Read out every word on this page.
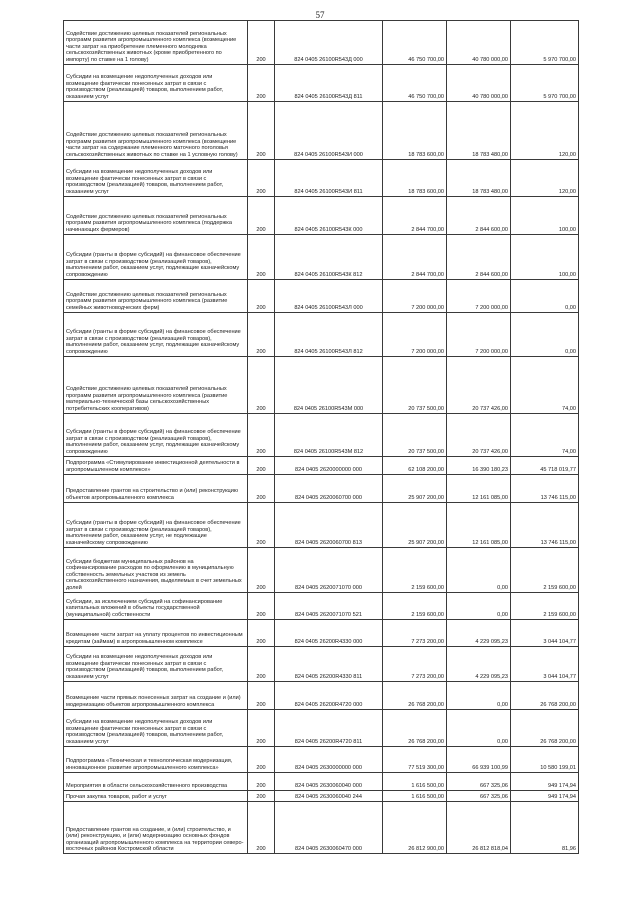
57
Содействие достижению целевых показателей региональных программ развития агропромышленного комплекса (возмещение части затрат на приобретение племенного молодняка сельскохозяйственных животных (кроме приобретенного по импорту) по ставке на 1 голову)	200	824 0405 26100R543Д 000	46 750 700,00	40 780 000,00	5 970 700,00
Субсидии на возмещение недополученных доходов или возмещение фактически понесенных затрат в связи с производством (реализацией) товаров, выполнением работ, оказанием услуг	200	824 0405 26100R543Д 811	46 750 700,00	40 780 000,00	5 970 700,00
Содействие достижению целевых показателей региональных программ развития агропромышленного комплекса (возмещение части затрат на содержание племенного маточного поголовья сельскохозяйственных животных по ставке на 1 условную голову)	200	824 0405 26100R543И 000	18 783 600,00	18 783 480,00	120,00
Субсидии на возмещение недополученных доходов или возмещение фактически понесенных затрат в связи с производством (реализацией) товаров, выполнением работ, оказанием услуг	200	824 0405 26100R543И 811	18 783 600,00	18 783 480,00	120,00
Содействие достижению целевых показателей региональных программ развития агропромышленного комплекса (поддержка начинающих фермеров)	200	824 0405 26100R543К 000	2 844 700,00	2 844 600,00	100,00
Субсидии (гранты в форме субсидий) на финансовое обеспечение затрат в связи с производством (реализацией товаров), выполнением работ, оказанием услуг, подлежащие казначейскому сопровождению	200	824 0405 26100R543К 812	2 844 700,00	2 844 600,00	100,00
Содействие достижению целевых показателей региональных программ развития агропромышленного комплекса (развитие семейных животноводческих ферм)	200	824 0405 26100R543Л 000	7 200 000,00	7 200 000,00	0,00
Субсидии (гранты в форме субсидий) на финансовое обеспечение затрат в связи с производством (реализацией товаров), выполнением работ, оказанием услуг, подлежащие казначейскому сопровождению	200	824 0405 26100R543Л 812	7 200 000,00	7 200 000,00	0,00
Содействие достижению целевых показателей региональных программ развития агропромышленного комплекса (развитие материально-технической базы сельскохозяйственных потребительских кооперативов)	200	824 0405 26100R543М 000	20 737 500,00	20 737 426,00	74,00
Субсидии (гранты в форме субсидий) на финансовое обеспечение затрат в связи с производством (реализацией товаров), выполнением работ, оказанием услуг, подлежащие казначейскому сопровождению	200	824 0405 26100R543М 812	20 737 500,00	20 737 426,00	74,00
Подпрограмма «Стимулирование инвестиционной деятельности в агропромышленном комплексе»	200	824 0405 2620000000 000	62 108 200,00	16 390 180,23	45 718 019,77
Предоставление грантов на строительство и (или) реконструкцию объектов агропромышленного комплекса	200	824 0405 2620060700 000	25 907 200,00	12 161 085,00	13 746 115,00
Субсидии (гранты в форме субсидий) на финансовое обеспечение затрат в связи с производством (реализацией товаров), выполнением работ, оказанием услуг, не подлежащие казначейскому сопровождению	200	824 0405 2620060700 813	25 907 200,00	12 161 085,00	13 746 115,00
Субсидии бюджетам муниципальных районов на софинансирование расходов по оформлению в муниципальную собственность земельных участков из земель сельскохозяйственного назначения, выделяемых в счет земельных долей	200	824 0405 2620071070 000	2 159 600,00	0,00	2 159 600,00
Субсидии, за исключением субсидий на софинансирование капитальных вложений в объекты государственной (муниципальной) собственности	200	824 0405 2620071070 521	2 159 600,00	0,00	2 159 600,00
Возмещение части затрат на уплату процентов по инвестиционным кредитам (займам) в агропромышленном комплексе	200	824 0405 26200R4330 000	7 273 200,00	4 229 095,23	3 044 104,77
Субсидии на возмещение недополученных доходов или возмещение фактически понесенных затрат в связи с производством (реализацией) товаров, выполнением работ, оказанием услуг	200	824 0405 26200R4330 811	7 273 200,00	4 229 095,23	3 044 104,77
Возмещение части прямых понесенных затрат на создание и (или) модернизацию объектов агропромышленного комплекса	200	824 0405 26200R4720 000	26 768 200,00	0,00	26 768 200,00
Субсидии на возмещение недополученных доходов или возмещение фактически понесенных затрат в связи с производством (реализацией) товаров, выполнением работ, оказанием услуг	200	824 0405 26200R4720 811	26 768 200,00	0,00	26 768 200,00
Подпрограмма «Техническая и технологическая модернизация, инновационное развитие агропромышленного комплекса»	200	824 0405 2630000000 000	77 519 300,00	66 939 100,99	10 580 199,01
Мероприятия в области сельскохозяйственного производства	200	824 0405 2630060040 000	1 616 500,00	667 325,06	949 174,94
Прочая закупка товаров, работ и услуг	200	824 0405 2630060040 244	1 616 500,00	667 325,06	949 174,94
Предоставление грантов на создание, и (или) строительство, и (или) реконструкцию, и (или) модернизацию основных фондов организаций агропромышленного комплекса на территории северо-восточных районов Костромской области	200	824 0405 2630060470 000	26 812 900,00	26 812 818,04	81,96
